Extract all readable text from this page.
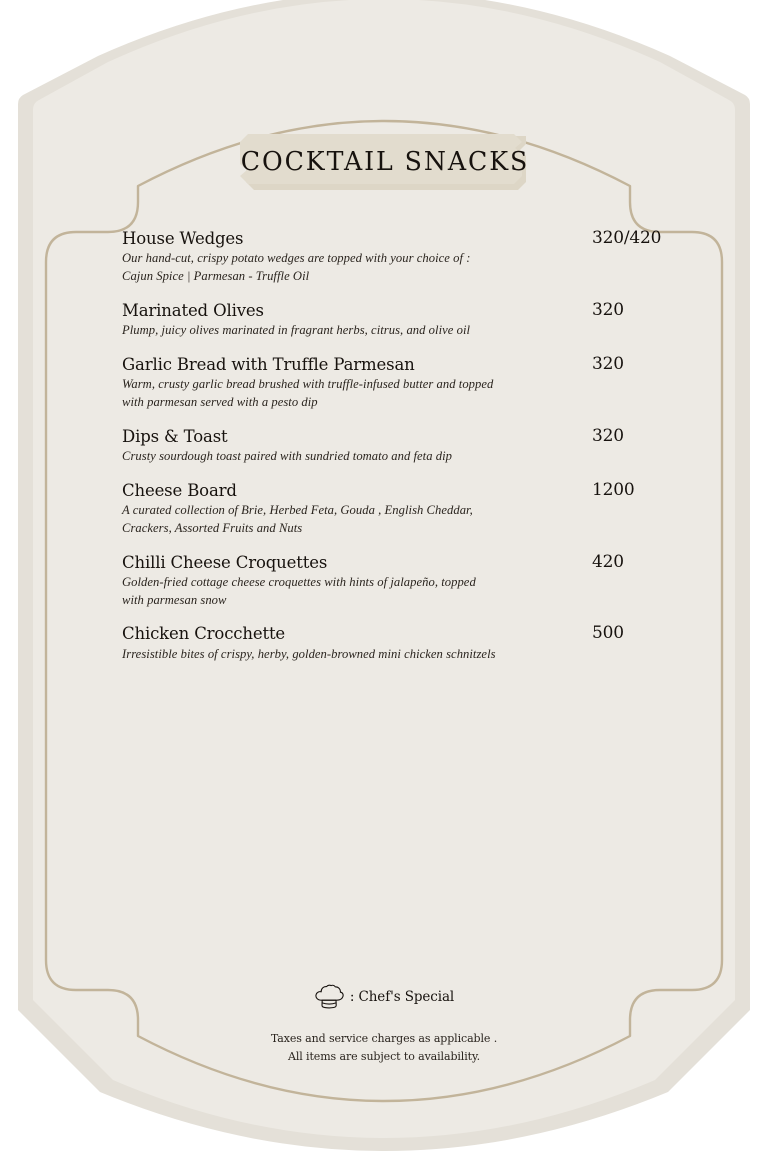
COCKTAIL SNACKS
House Wedges	320/420
Our hand-cut, crispy potato wedges are topped with your choice of :
Cajun Spice | Parmesan - Truffle Oil
Marinated Olives	320
Plump, juicy olives marinated in fragrant herbs, citrus, and olive oil
Garlic Bread with Truffle Parmesan	320
Warm, crusty garlic bread brushed with truffle-infused butter and topped
with parmesan served with a pesto dip
Dips & Toast	320
Crusty sourdough toast paired with sundried tomato and feta dip
Cheese Board	1200
A curated collection of Brie, Herbed Feta, Gouda , English Cheddar,
Crackers, Assorted Fruits and Nuts
Chilli Cheese Croquettes	420
Golden-fried cottage cheese croquettes with hints of jalapeño, topped
with parmesan snow
Chicken Crocchette	500
Irresistible bites of crispy, herby, golden-browned mini chicken schnitzels
: Chef's Special
Taxes and service charges as applicable .
All items are subject to availability.
